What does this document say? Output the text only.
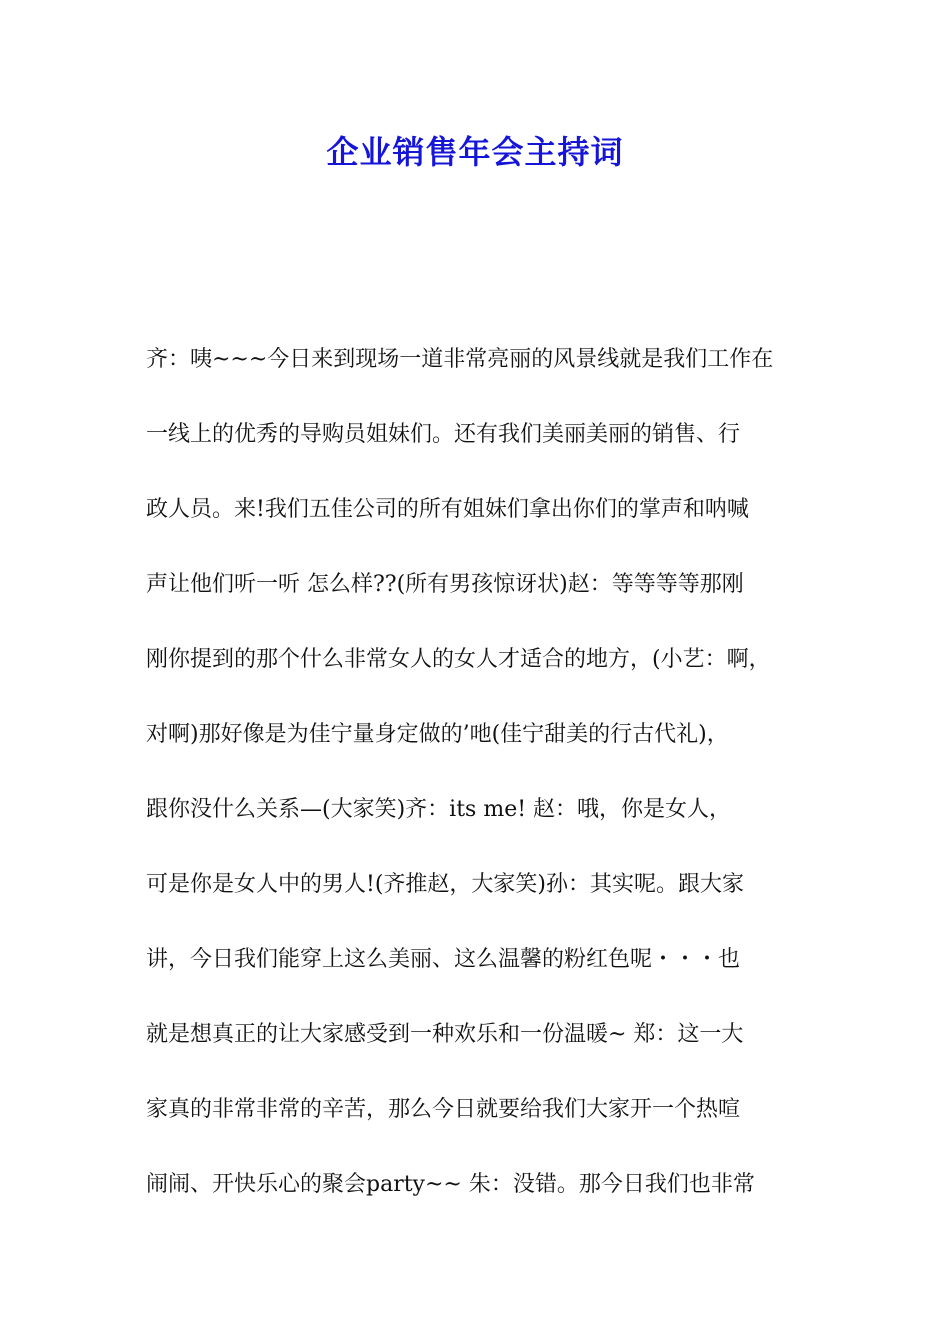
企业销售年会主持词
齐：咦~~~今日来到现场一道非常亮丽的风景线就是我们工作在
一线上的优秀的导购员姐妹们。还有我们美丽美丽的销售、行
政人员。来!我们五佳公司的所有姐妹们拿出你们的掌声和呐喊
声让他们听一听 怎么样??(所有男孩惊讶状)赵：等等等等那刚
刚你提到的那个什么非常女人的女人才适合的地方，(小艺：啊，
对啊)那好像是为佳宁量身定做的’吔(佳宁甜美的行古代礼)，
跟你没什么关系—(大家笑)齐：its me! 赵：哦，你是女人，
可是你是女人中的男人!(齐推赵，大家笑)孙：其实呢。跟大家
讲，今日我们能穿上这么美丽、这么温馨的粉红色呢・・・也
就是想真正的让大家感受到一种欢乐和一份温暖~ 郑：这一大
家真的非常非常的辛苦，那么今日就要给我们大家开一个热喧
闹闹、开快乐心的聚会party~~ 朱：没错。那今日我们也非常
